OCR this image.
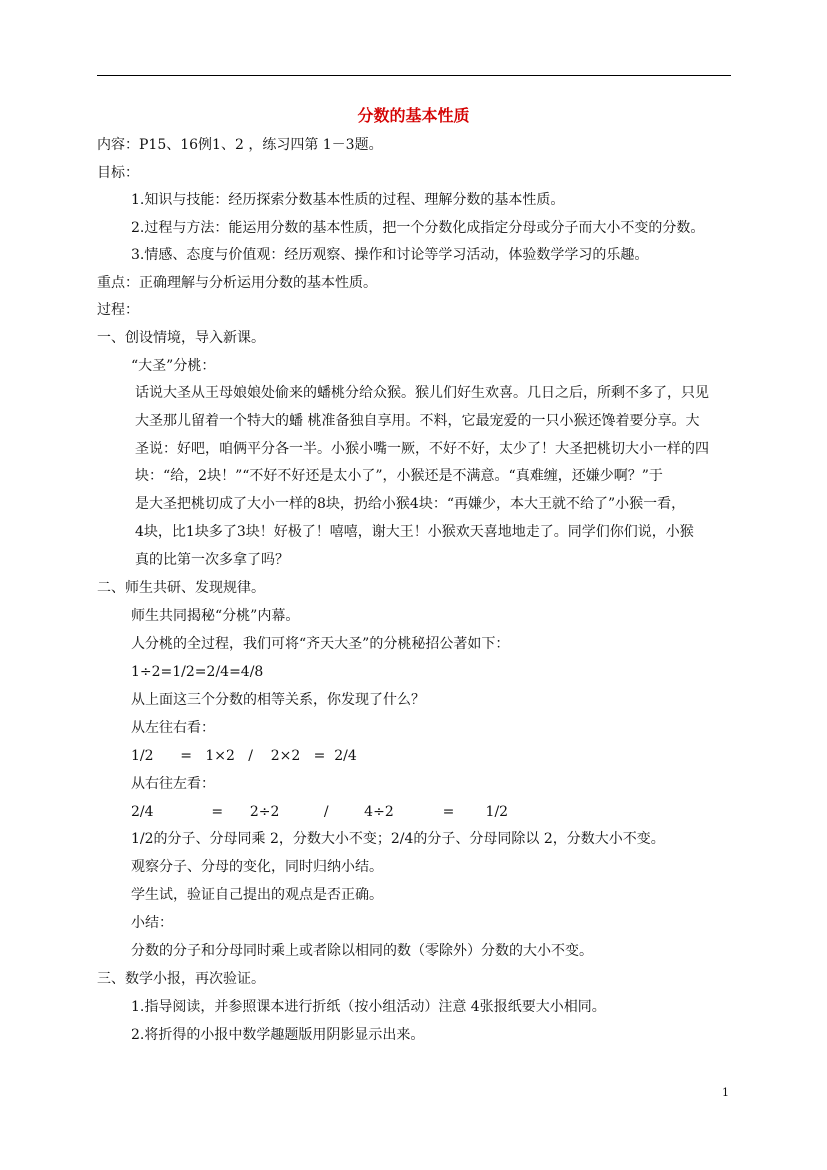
分数的基本性质
内容：P15、16例1、2 ，练习四第 1－3题。
目标：
1.知识与技能：经历探索分数基本性质的过程、理解分数的基本性质。
2.过程与方法：能运用分数的基本性质，把一个分数化成指定分母或分子而大小不变的分数。
3.情感、态度与价值观：经历观察、操作和讨论等学习活动，体验数学学习的乐趣。
重点：正确理解与分析运用分数的基本性质。
过程：
一、创设情境，导入新课。
“大圣”分桃：
话说大圣从王母娘娘处偷来的蟠桃分给众猴。猴儿们好生欢喜。几日之后，所剩不多了，只见
大圣那儿留着一个特大的蟠 桃准备独自享用。不料，它最宠爱的一只小猴还馋着要分享。大
圣说：好吧，咱俩平分各一半。小猴小嘴一厥，不好不好，太少了！大圣把桃切大小一样的四
块：“给，2块！”“不好不好还是太小了”，小猴还是不满意。“真难缠，还嫌少啊？”于
是大圣把桃切成了大小一样的8块，扔给小猴4块：“再嫌少，本大王就不给了”小猴一看，
4块，比1块多了3块！好极了！嘻嘻，谢大王！小猴欢天喜地地走了。同学们你们说，小猴
真的比第一次多拿了吗？
二、师生共研、发现规律。
师生共同揭秘“分桃”内幕。
人分桃的全过程，我们可将“齐天大圣”的分桃秘招公著如下：
1÷2=1/2=2/4=4/8
从上面这三个分数的相等关系，你发现了什么？
从左往右看：
1/2      =   1×2   /    2×2   =  2/4
从右往左看：
2/4             =      2÷2          /        4÷2           =       1/2
1/2的分子、分母同乘 2，分数大小不变；2/4的分子、分母同除以 2，分数大小不变。
观察分子、分母的变化，同时归纳小结。
学生试，验证自己提出的观点是否正确。
小结：
分数的分子和分母同时乘上或者除以相同的数（零除外）分数的大小不变。
三、数学小报，再次验证。
1.指导阅读，并参照课本进行折纸（按小组活动）注意 4张报纸要大小相同。
2.将折得的小报中数学趣题版用阴影显示出来。
1
